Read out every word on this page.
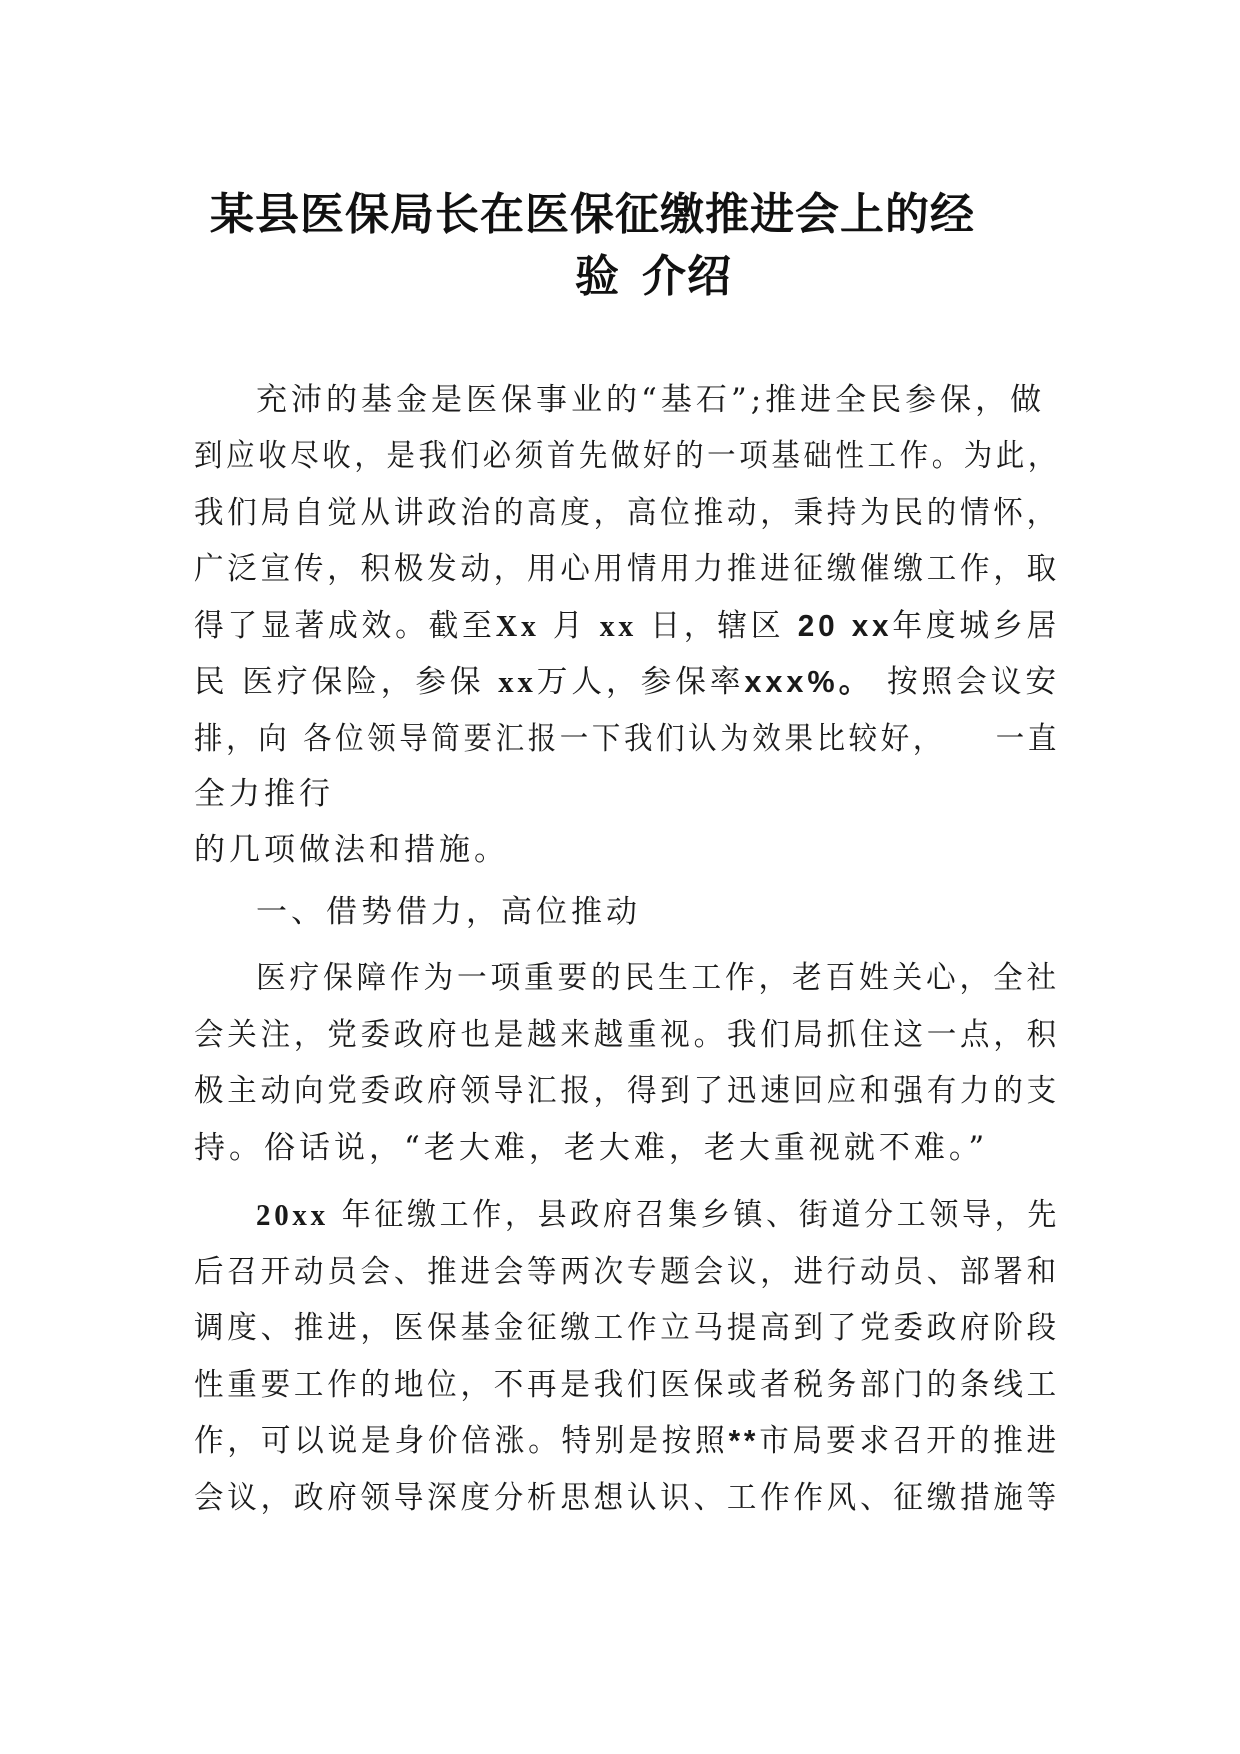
某县医保局长在医保征缴推进会上的经
验 介绍
充沛的基金是医保事业的“基石”;推进全民参保，做
到应收尽收，是我们必须首先做好的一项基础性工作。为此，
我们局自觉从讲政治的高度，高位推动，秉持为民的情怀，
广泛宣传，积极发动，用心用情用力推进征缴催缴工作，取
得了显著成效。截至Xx 月 xx 日，辖区 20 xx年度城乡居
民 医疗保险，参保 xx万人，参保率xxx%。 按照会议安
排，向 各位领导简要汇报一下我们认为效果比较好， 一直
全力推行
的几项做法和措施。
一、借势借力，高位推动
医疗保障作为一项重要的民生工作，老百姓关心，全社
会关注，党委政府也是越来越重视。我们局抓住这一点，积
极主动向党委政府领导汇报，得到了迅速回应和强有力的支
持。俗话说，“老大难，老大难，老大重视就不难。”
20xx 年征缴工作，县政府召集乡镇、街道分工领导，先
后召开动员会、推进会等两次专题会议，进行动员、部署和
调度、推进，医保基金征缴工作立马提高到了党委政府阶段
性重要工作的地位，不再是我们医保或者税务部门的条线工
作，可以说是身价倍涨。特别是按照**市局要求召开的推进
会议，政府领导深度分析思想认识、工作作风、征缴措施等
